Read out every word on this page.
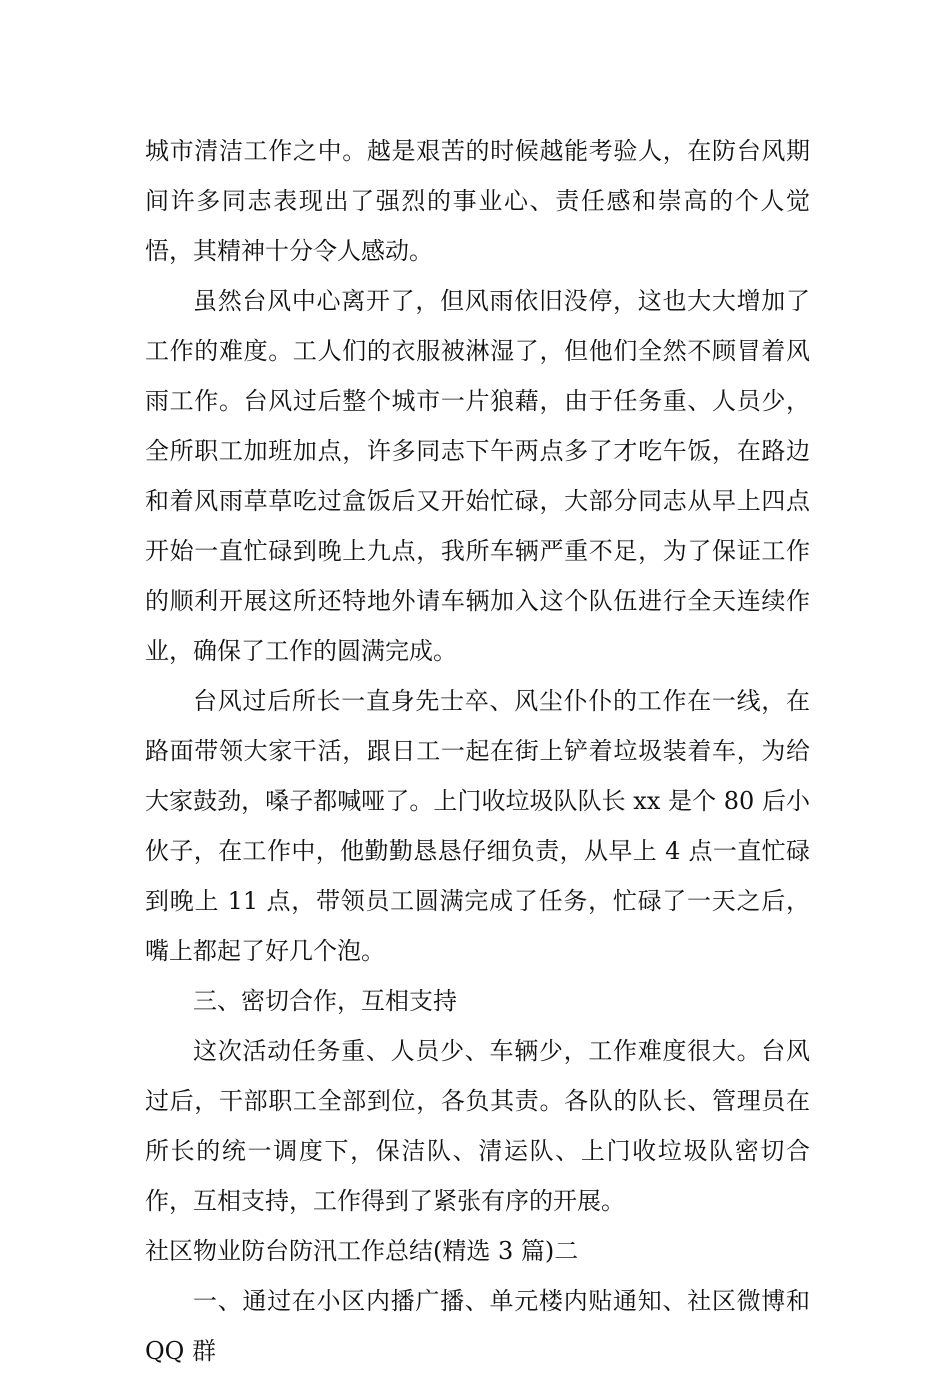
城市清洁工作之中。越是艰苦的时候越能考验人，在防台风期间许多同志表现出了强烈的事业心、责任感和崇高的个人觉悟，其精神十分令人感动。

虽然台风中心离开了，但风雨依旧没停，这也大大增加了工作的难度。工人们的衣服被淋湿了，但他们全然不顾冒着风雨工作。台风过后整个城市一片狼藉，由于任务重、人员少，全所职工加班加点，许多同志下午两点多了才吃午饭，在路边和着风雨草草吃过盒饭后又开始忙碌，大部分同志从早上四点开始一直忙碌到晚上九点，我所车辆严重不足，为了保证工作的顺利开展这所还特地外请车辆加入这个队伍进行全天连续作业，确保了工作的圆满完成。

台风过后所长一直身先士卒、风尘仆仆的工作在一线，在路面带领大家干活，跟日工一起在街上铲着垃圾装着车，为给大家鼓劲，嗓子都喊哑了。上门收垃圾队队长 xx 是个 80 后小伙子，在工作中，他勤勤恳恳仔细负责，从早上 4 点一直忙碌到晚上 11 点，带领员工圆满完成了任务，忙碌了一天之后，嘴上都起了好几个泡。

三、密切合作，互相支持

这次活动任务重、人员少、车辆少，工作难度很大。台风过后，干部职工全部到位，各负其责。各队的队长、管理员在所长的统一调度下，保洁队、清运队、上门收垃圾队密切合作，互相支持，工作得到了紧张有序的开展。

社区物业防台防汛工作总结(精选 3 篇)二

一、通过在小区内播广播、单元楼内贴通知、社区微博和 QQ 群
